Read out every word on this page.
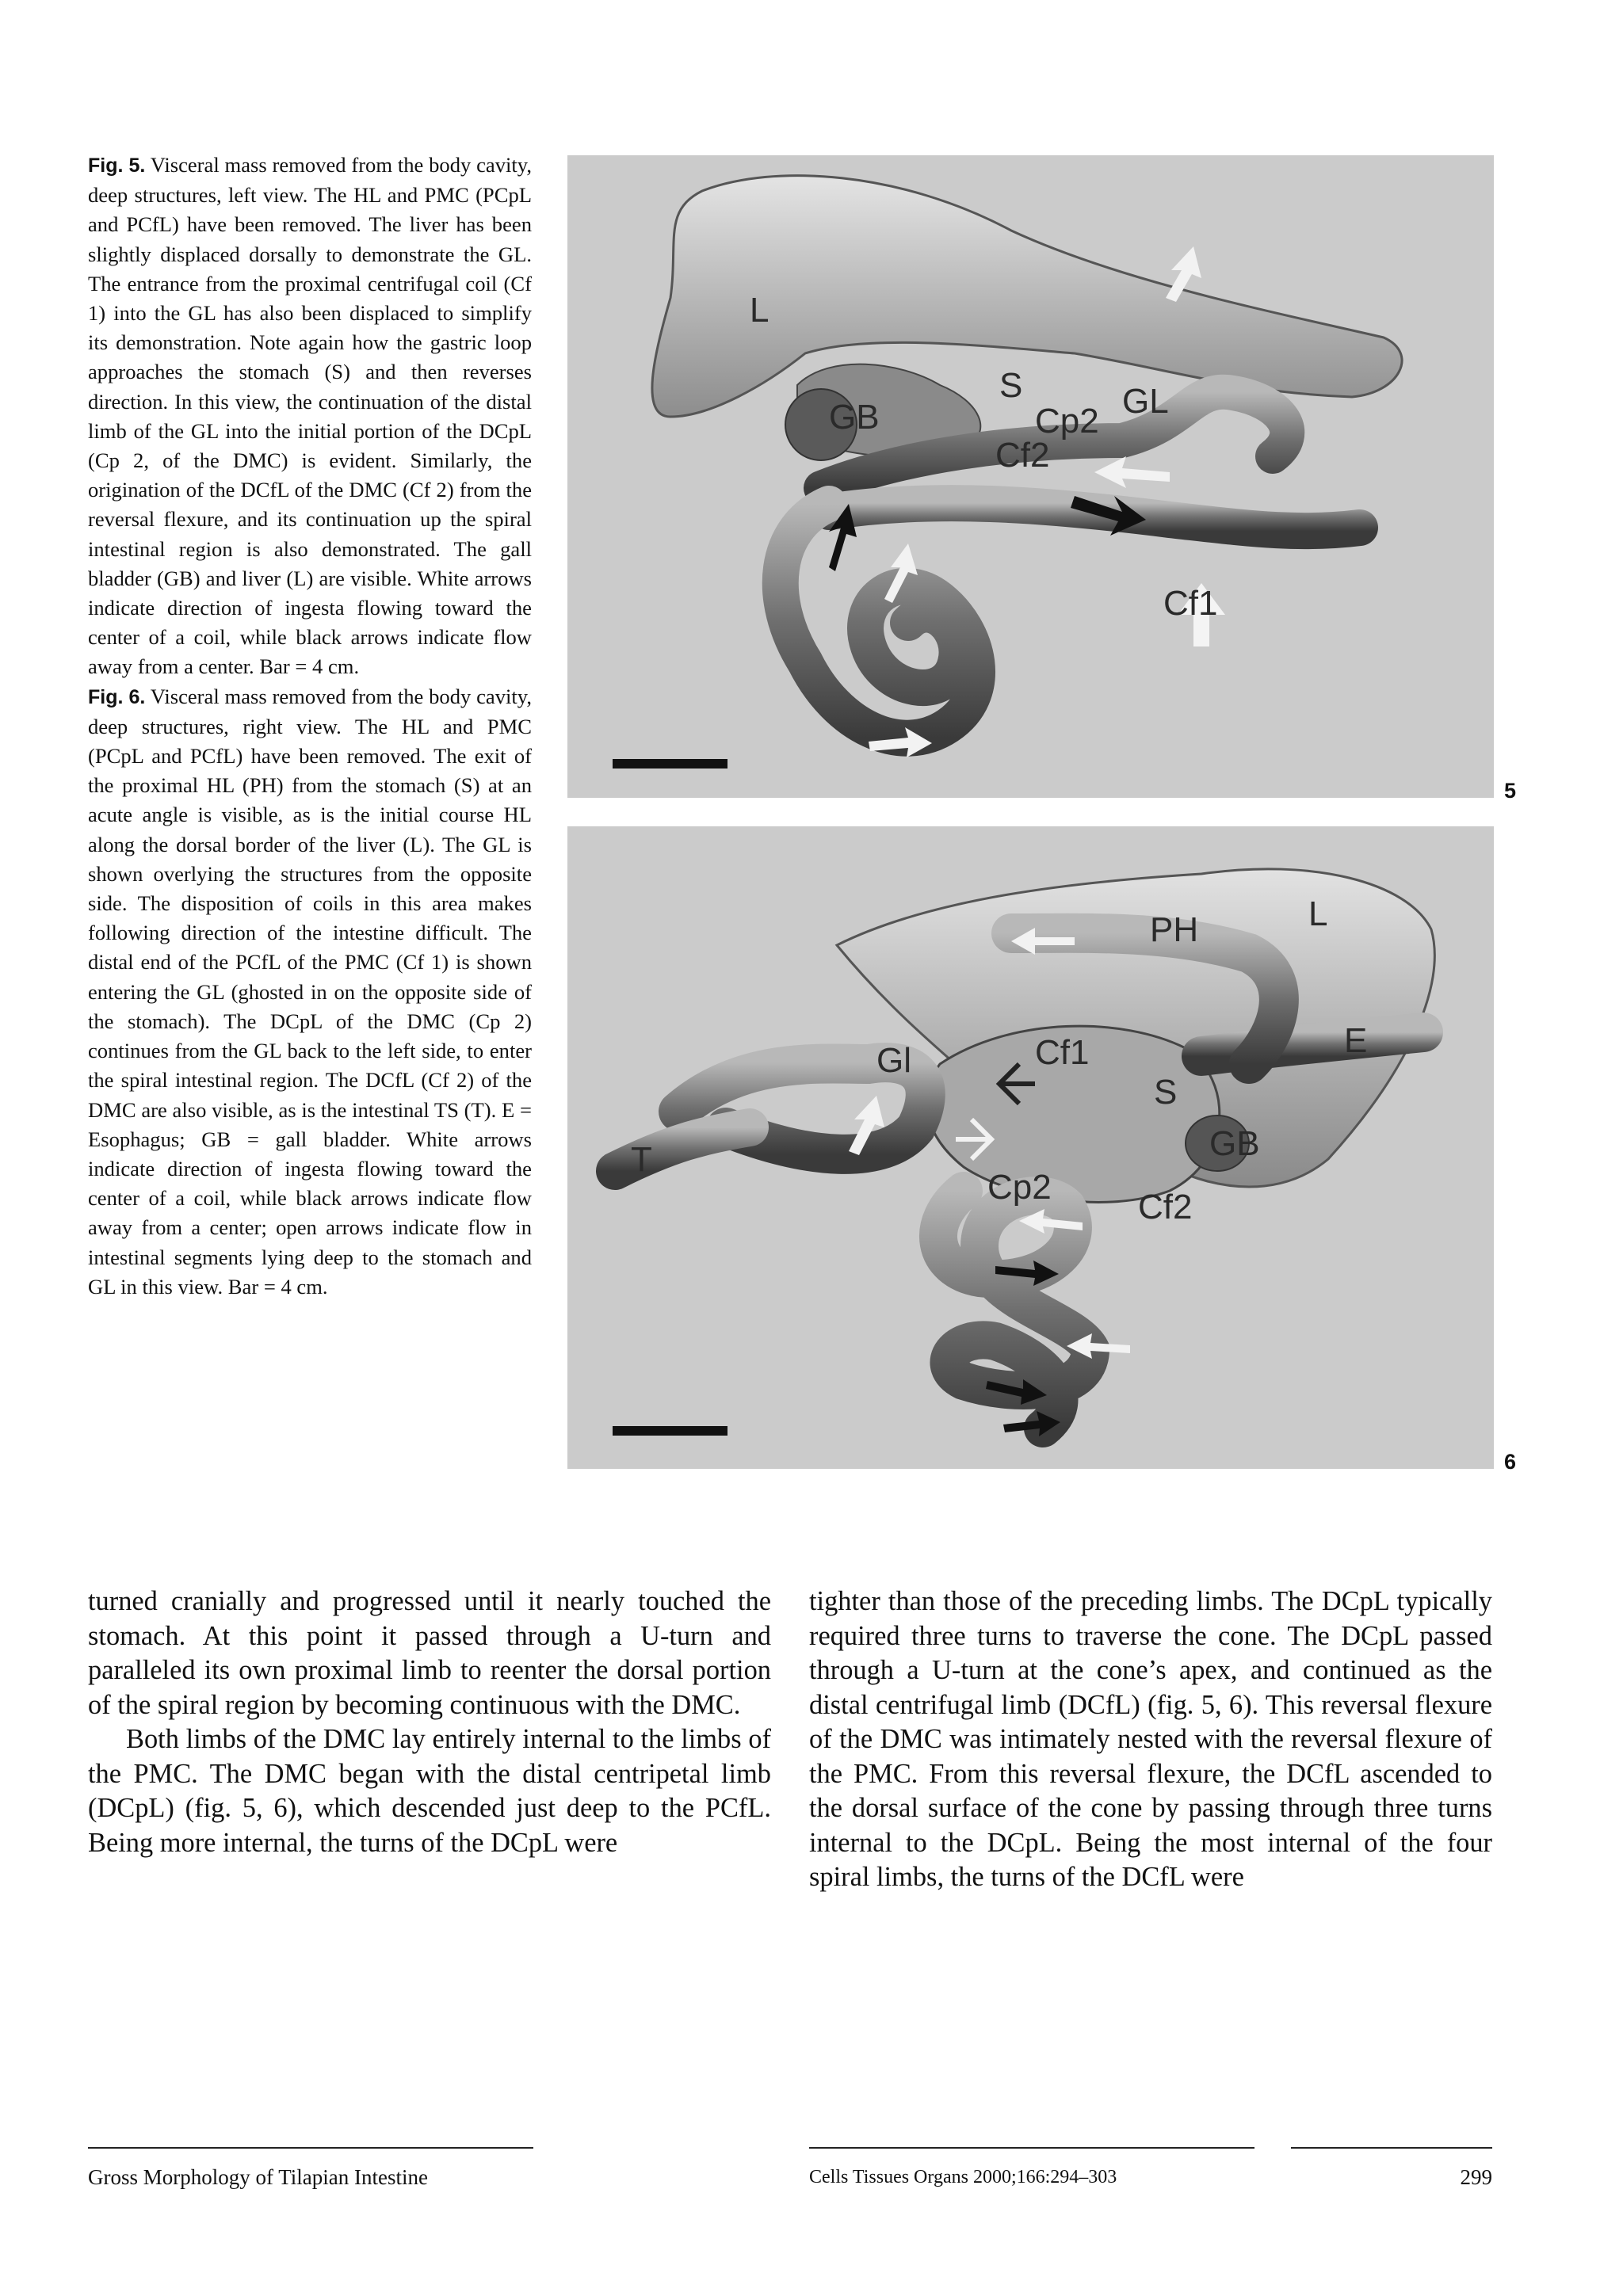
Fig. 5. Visceral mass removed from the body cavity, deep structures, left view. The HL and PMC (PCpL and PCfL) have been removed. The liver has been slightly displaced dorsally to demonstrate the GL. The entrance from the proximal centrifugal coil (Cf 1) into the GL has also been displaced to simplify its demonstration. Note again how the gastric loop approaches the stomach (S) and then reverses direction. In this view, the continuation of the distal limb of the GL into the initial portion of the DCpL (Cp 2, of the DMC) is evident. Similarly, the origination of the DCfL of the DMC (Cf 2) from the reversal flexure, and its continuation up the spiral intestinal region is also demonstrated. The gall bladder (GB) and liver (L) are visible. White arrows indicate direction of ingesta flowing toward the center of a coil, while black arrows indicate flow away from a center. Bar = 4 cm.

Fig. 6. Visceral mass removed from the body cavity, deep structures, right view. The HL and PMC (PCpL and PCfL) have been removed. The exit of the proximal HL (PH) from the stomach (S) at an acute angle is visible, as is the initial course HL along the dorsal border of the liver (L). The GL is shown overlying the structures from the opposite side. The disposition of coils in this area makes following direction of the intestine difficult. The distal end of the PCfL of the PMC (Cf 1) is shown entering the GL (ghosted in on the opposite side of the stomach). The DCpL of the DMC (Cp 2) continues from the GL back to the left side, to enter the spiral intestinal region. The DCfL (Cf 2) of the DMC are also visible, as is the intestinal TS (T). E = Esophagus; GB = gall bladder. White arrows indicate direction of ingesta flowing toward the center of a coil, while black arrows indicate flow away from a center; open arrows indicate flow in intestinal segments lying deep to the stomach and GL in this view. Bar = 4 cm.

L
GB
S	GL
Cp2
Cf2
Cf1
5
PH	L
Gl	Cf1	E
S
GB
T
Cp2
Cf2
6

turned cranially and progressed until it nearly touched the stomach. At this point it passed through a U-turn and paralleled its own proximal limb to reenter the dorsal portion of the spiral region by becoming continuous with the DMC.

Both limbs of the DMC lay entirely internal to the limbs of the PMC. The DMC began with the distal centripetal limb (DCpL) (fig. 5, 6), which descended just deep to the PCfL. Being more internal, the turns of the DCpL were

tighter than those of the preceding limbs. The DCpL typically required three turns to traverse the cone. The DCpL passed through a U-turn at the cone’s apex, and continued as the distal centrifugal limb (DCfL) (fig. 5, 6). This reversal flexure of the DMC was intimately nested with the reversal flexure of the PMC. From this reversal flexure, the DCfL ascended to the dorsal surface of the cone by passing through three turns internal to the DCpL. Being the most internal of the four spiral limbs, the turns of the DCfL were

Gross Morphology of Tilapian Intestine	Cells Tissues Organs 2000;166:294–303	299
